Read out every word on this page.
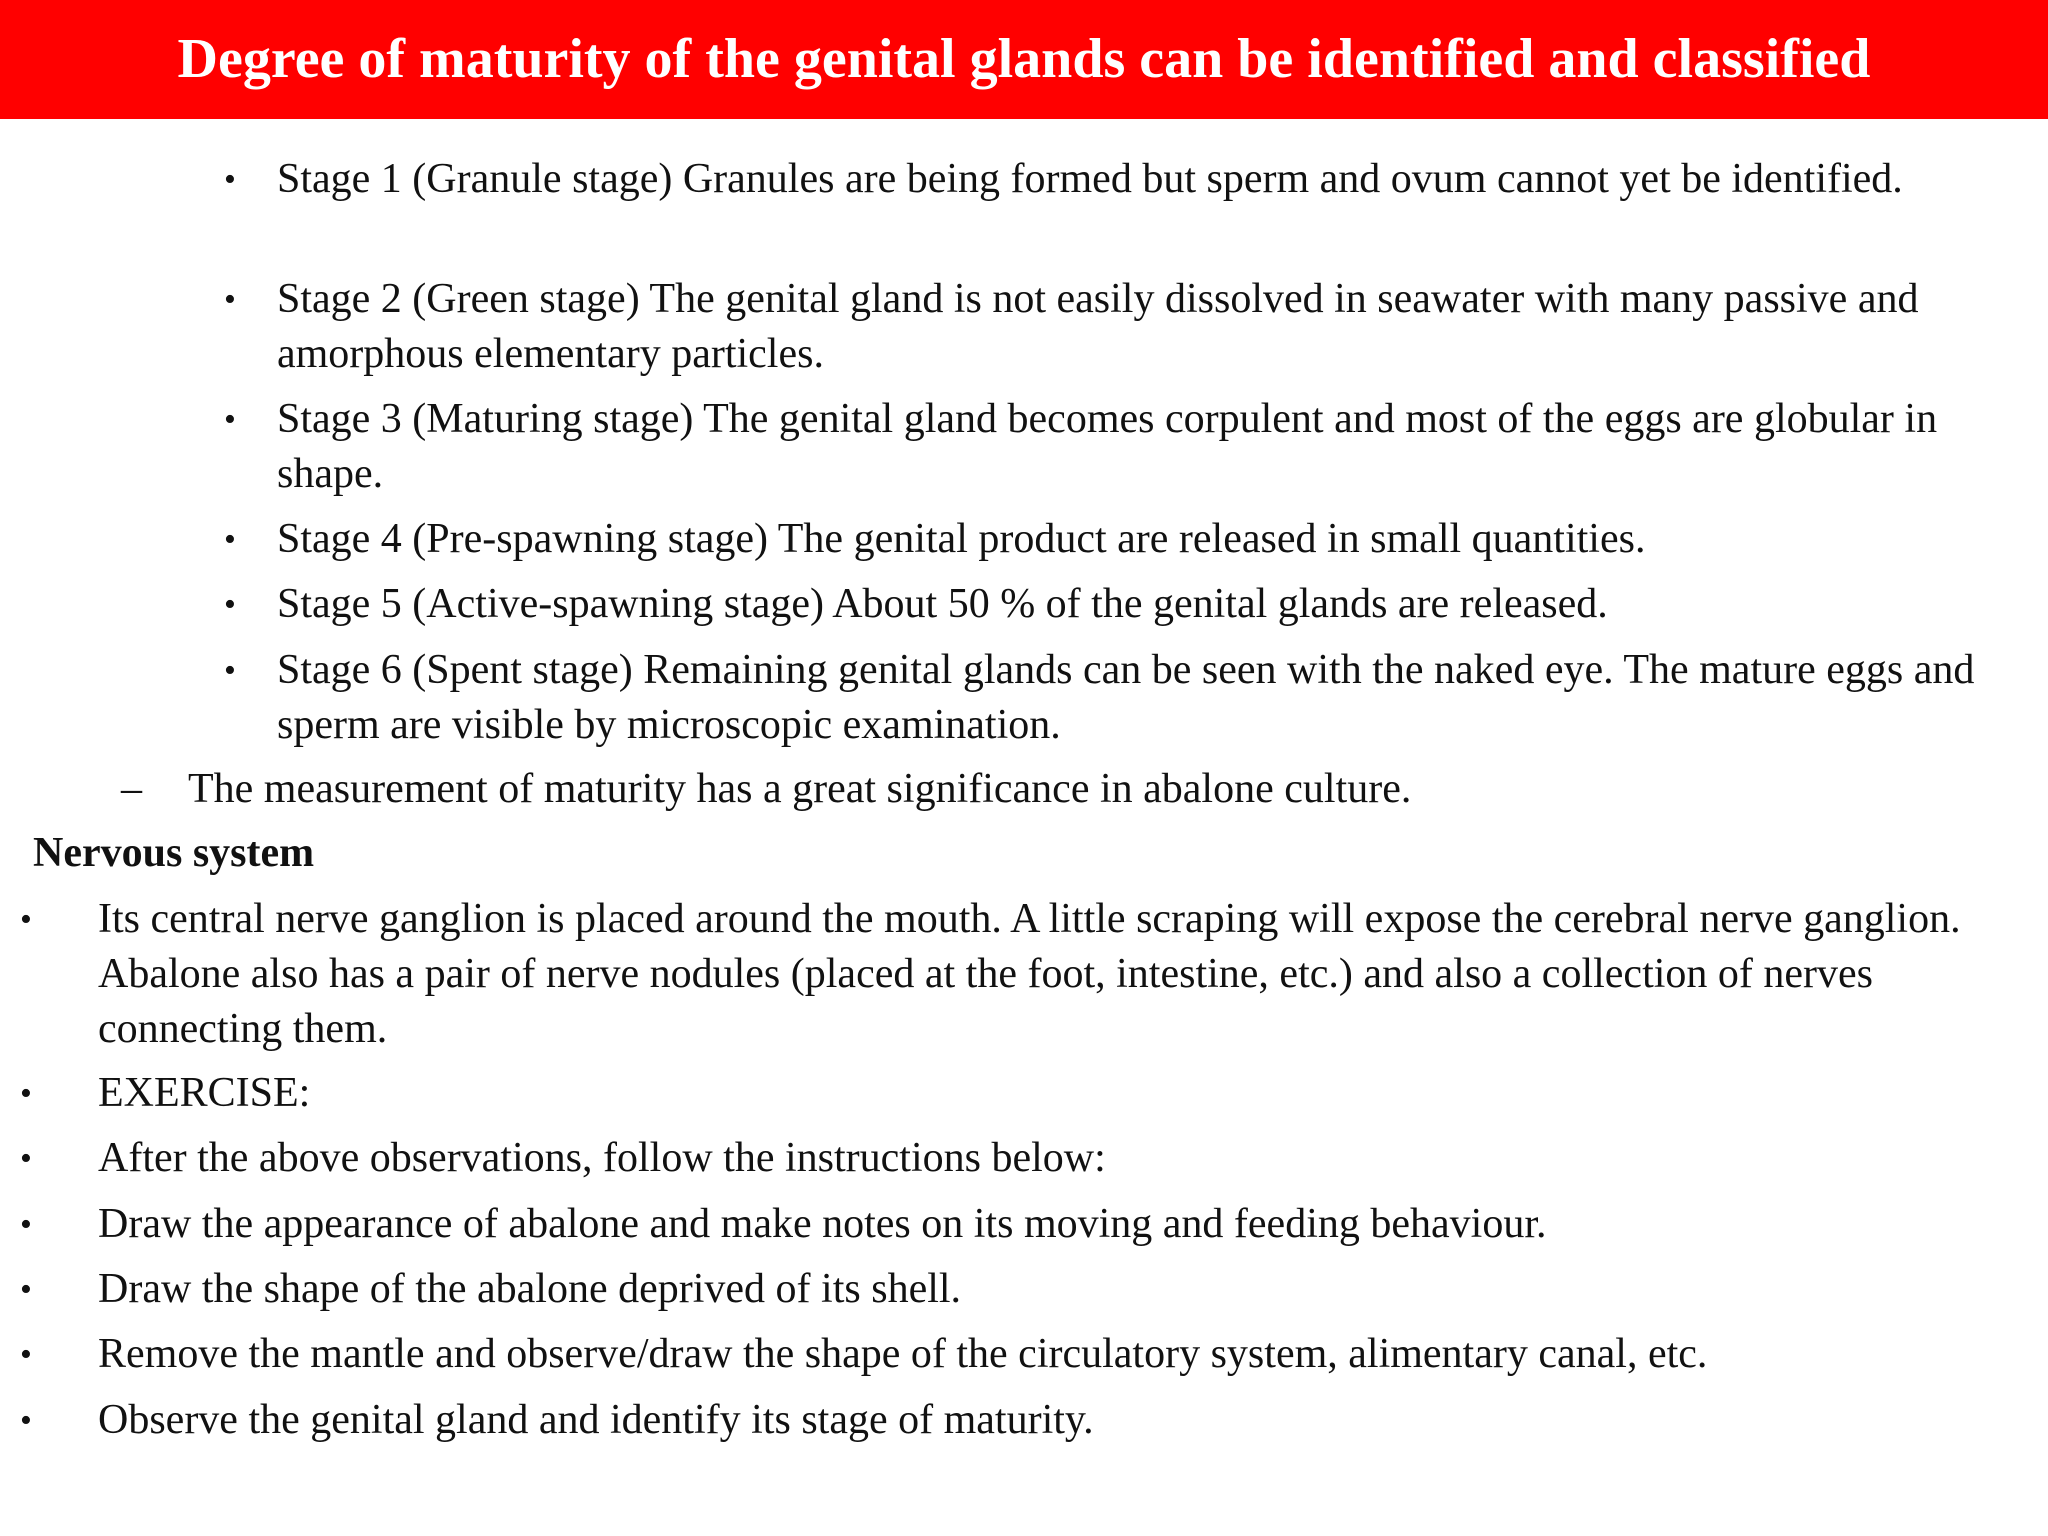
Degree of maturity of the genital glands can be identified and classified
• Stage 1 (Granule stage) Granules are being formed but sperm and ovum cannot yet be identified.
• Stage 2 (Green stage) The genital gland is not easily dissolved in seawater with many passive and amorphous elementary particles.
• Stage 3 (Maturing stage) The genital gland becomes corpulent and most of the eggs are globular in shape.
• Stage 4 (Pre-spawning stage) The genital product are released in small quantities.
• Stage 5 (Active-spawning stage) About 50 % of the genital glands are released.
• Stage 6 (Spent stage) Remaining genital glands can be seen with the naked eye. The mature eggs and sperm are visible by microscopic examination.
–	The measurement of maturity has a great significance in abalone culture.
Nervous system
•	Its central nerve ganglion is placed around the mouth. A little scraping will expose the cerebral nerve ganglion. Abalone also has a pair of nerve nodules (placed at the foot, intestine, etc.) and also a collection of nerves connecting them.
•	EXERCISE:
•	After the above observations, follow the instructions below:
•	Draw the appearance of abalone and make notes on its moving and feeding behaviour.
•	Draw the shape of the abalone deprived of its shell.
•	Remove the mantle and observe/draw the shape of the circulatory system, alimentary canal, etc.
•	Observe the genital gland and identify its stage of maturity.
